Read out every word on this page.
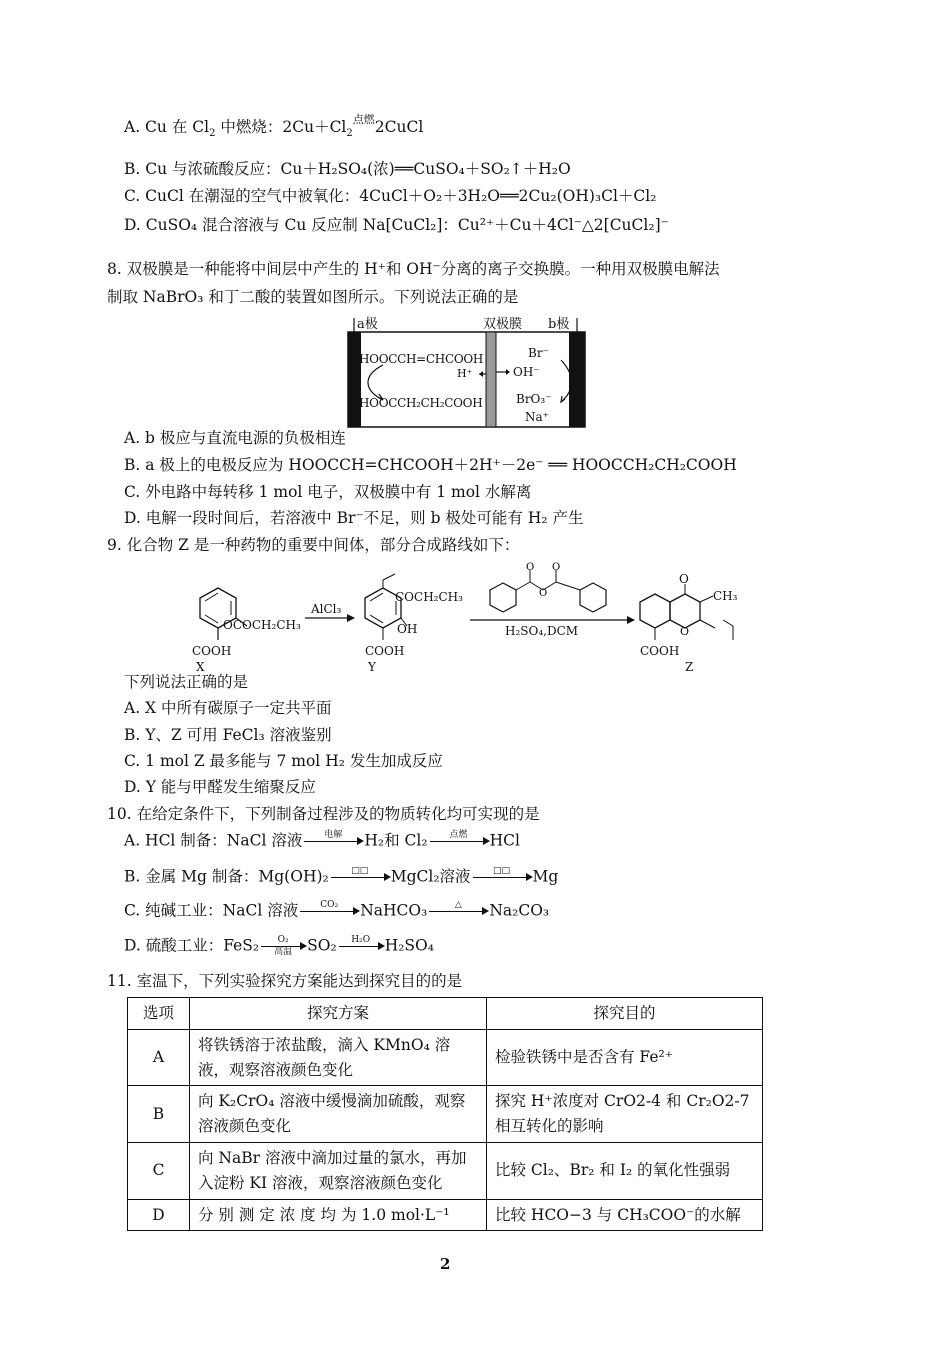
A. Cu 在 $Cl_2$ 中燃烧：$2Cu+Cl_2$点燃2CuCl
B. Cu 与浓硫酸反应：Cu＋H₂SO₄(浓)══CuSO₄＋SO₂↑＋H₂O
C. CuCl 在潮湿的空气中被氧化：4CuCl＋O₂＋3H₂O══2Cu₂(OH)₃Cl＋Cl₂
D. CuSO₄ 混合溶液与 Cu 反应制 Na[CuCl₂]：Cu²⁺＋Cu＋4Cl⁻△2[CuCl₂]⁻
8. 双极膜是一种能将中间层中产生的 H⁺和 OH⁻分离的离子交换膜。一种用双极膜电解法
制取 NaBrO₃ 和丁二酸的装置如图所示。下列说法正确的是
a极	双极膜 b极
HOOCCH=CHCOOH
H⁺
HOOCCH₂CH₂COOH
Br⁻
OH⁻
BrO₃⁻
Na⁺
A. b 极应与直流电源的负极相连
B. a 极上的电极反应为 HOOCCH=CHCOOH＋2H⁺－2e⁻ ══ HOOCCH₂CH₂COOH
C. 外电路中每转移 1 mol 电子，双极膜中有 1 mol 水解离
D. 电解一段时间后，若溶液中 Br⁻不足，则 b 极处可能有 H₂ 产生
9. 化合物 Z 是一种药物的重要中间体，部分合成路线如下：
O O
O
OCOCH₂CH₃
COOH
X
AlCl₃
COCH₂CH₃
OH
COOH
Y
H₂SO₄,DCM
O
CH₃
O
COOH
Z
下列说法正确的是
A. X 中所有碳原子一定共平面
B. Y、Z 可用 FeCl₃ 溶液鉴别
C. 1 mol Z 最多能与 7 mol H₂ 发生加成反应
D. Y 能与甲醛发生缩聚反应
10. 在给定条件下，下列制备过程涉及的物质转化均可实现的是
A. HCl 制备：NaCl 溶液	电解	H₂和 Cl₂	点燃	HCl
B. 金属 Mg 制备：Mg(OH)₂	□□	MgCl₂溶液	□□	Mg
C. 纯碱工业：NaCl 溶液	CO₂	NaHCO₃	△	Na₂CO₃
D. 硫酸工业：FeS₂	O₂
高温 SO₂	H₂O H₂SO₄
11. 室温下，下列实验探究方案能达到探究目的的是
选项	探究方案	探究目的
A	将铁锈溶于浓盐酸，滴入 KMnO₄ 溶液，观察溶液颜色变化	检验铁锈中是否含有 Fe²⁺
B	向 K₂CrO₄ 溶液中缓慢滴加硫酸，观察溶液颜色变化	探究 H⁺浓度对 CrO2-4 和 Cr₂O2-7 相互转化的影响
C	向 NaBr 溶液中滴加过量的氯水，再加入淀粉 KI 溶液，观察溶液颜色变化	比较 Cl₂、Br₂ 和 I₂ 的氧化性强弱
D	分 别 测 定 浓 度 均 为 1.0 mol·L⁻¹	比较 HCO−3 与 CH₃COO⁻的水解
2
